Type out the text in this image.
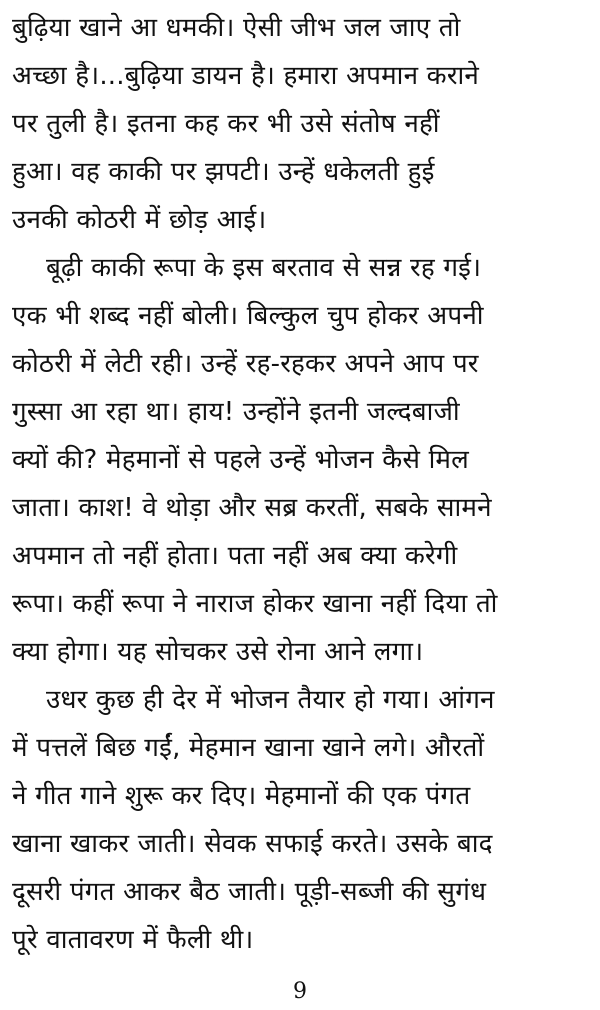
बुढ़िया खाने आ धमकी। ऐसी जीभ जल जाए तो
अच्छा है।...बुढ़िया डायन है। हमारा अपमान कराने
पर तुली है। इतना कह कर भी उसे संतोष नहीं
हुआ। वह काकी पर झपटी। उन्हें धकेलती हुई
उनकी कोठरी में छोड़ आई।
बूढ़ी काकी रूपा के इस बरताव से सन्न रह गई।
एक भी शब्द नहीं बोली। बिल्कुल चुप होकर अपनी
कोठरी में लेटी रही। उन्हें रह-रहकर अपने आप पर
गुस्सा आ रहा था। हाय! उन्होंने इतनी जल्दबाजी
क्यों की? मेहमानों से पहले उन्हें भोजन कैसे मिल
जाता। काश! वे थोड़ा और सब्र करतीं, सबके सामने
अपमान तो नहीं होता। पता नहीं अब क्या करेगी
रूपा। कहीं रूपा ने नाराज होकर खाना नहीं दिया तो
क्या होगा। यह सोचकर उसे रोना आने लगा।
उधर कुछ ही देर में भोजन तैयार हो गया। आंगन
में पत्तलें बिछ गईं, मेहमान खाना खाने लगे। औरतों
ने गीत गाने शुरू कर दिए। मेहमानों की एक पंगत
खाना खाकर जाती। सेवक सफाई करते। उसके बाद
दूसरी पंगत आकर बैठ जाती। पूड़ी-सब्जी की सुगंध
पूरे वातावरण में फैली थी।
9
